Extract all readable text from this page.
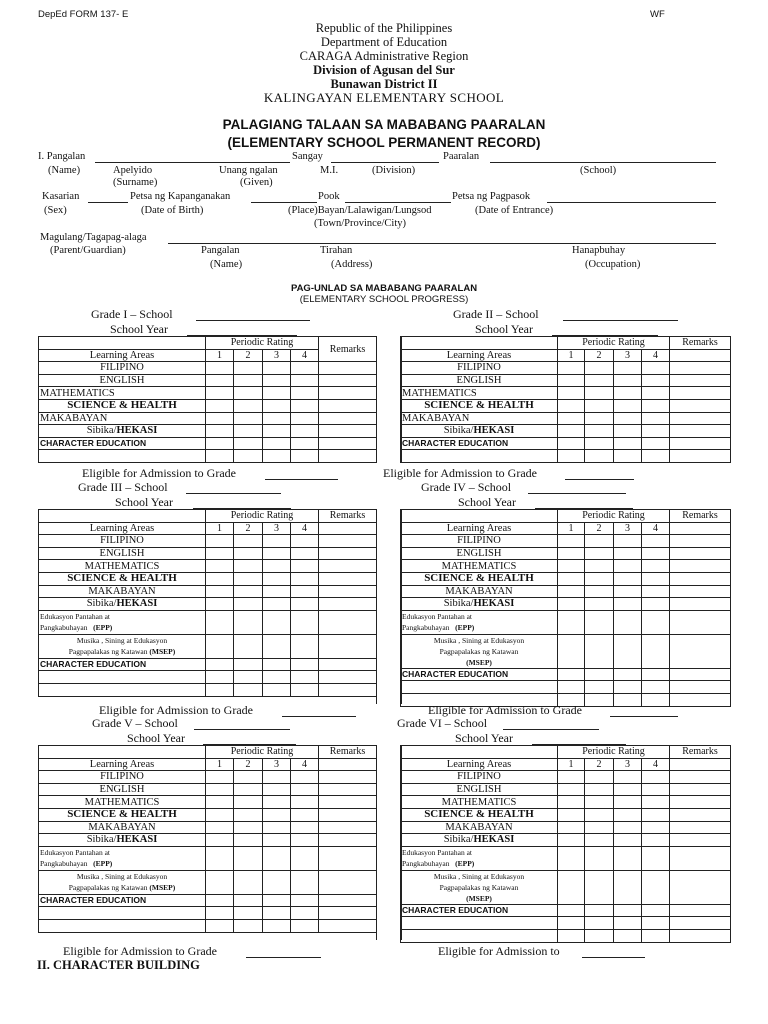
DepEd FORM 137- E	WF
Republic of the Philippines
Department of Education
CARAGA Administrative Region
Division of Agusan del Sur
Bunawan District II
KALINGAYAN ELEMENTARY SCHOOL
PALAGIANG TALAAN SA MABABANG PAARALAN
(ELEMENTARY SCHOOL PERMANENT RECORD)
I. Pangalan	Sangay	Paaralan
(Name)	Apelyido	Unang ngalan	M.I.	(Division)	(School)
(Surname)	(Given)
Kasarian	Petsa ng Kapanganakan	Pook	Petsa ng Pagpasok
(Sex)	(Date of Birth)	(Place)Bayan/Lalawigan/Lungsod	(Date of Entrance)
(Town/Province/City)
Magulang/Tagapag-alaga
(Parent/Guardian)	Pangalan	Tirahan	Hanapbuhay
(Name)	(Address)	(Occupation)
PAG-UNLAD SA MABABANG PAARALAN
(ELEMENTARY SCHOOL PROGRESS)
Grade I – School
School Year
Grade II – School
School Year
	Periodic Rating				Remarks
Learning Areas	1	2	3	4	
FILIPINO					
ENGLISH					
MATHEMATICS					
SCIENCE & HEALTH					
MAKABAYAN					
Sibika/HEKASI					
CHARACTER EDUCATION					

	Periodic Rating				Remarks
Learning Areas	1	2	3	4	
FILIPINO					
ENGLISH					
MATHEMATICS					
SCIENCE & HEALTH					
MAKABAYAN					
Sibika/HEKASI					
CHARACTER EDUCATION					

Eligible for Admission to Grade	Eligible for Admission to Grade
Grade III – School
School Year
Grade IV – School
School Year
	Periodic Rating				Remarks
Learning Areas	1	2	3	4	
FILIPINO					
ENGLISH					
MATHEMATICS					
SCIENCE & HEALTH					
MAKABAYAN					
Sibika/HEKASI					
Edukasyon Pantahan at
Pangkabuhayan (EPP)					
Musika , Sining at Edukasyon
Pagpapalakas ng Katawan (MSEP)					
CHARACTER EDUCATION					

	Periodic Rating				Remarks
Learning Areas	1	2	3	4	
FILIPINO					
ENGLISH					
MATHEMATICS					
SCIENCE & HEALTH					
MAKABAYAN					
Sibika/HEKASI					
Edukasyon Pantahan at
Pangkabuhayan (EPP)					
Musika , Sining at Edukasyon
Pagpapalakas ng Katawan
(MSEP)					
CHARACTER EDUCATION					

Eligible for Admission to Grade	Eligible for Admission to Grade
Grade V – School
School Year
Grade VI – School
School Year
	Periodic Rating				Remarks
Learning Areas	1	2	3	4	
FILIPINO					
ENGLISH					
MATHEMATICS					
SCIENCE & HEALTH					
MAKABAYAN					
Sibika/HEKASI					
Edukasyon Pantahan at
Pangkabuhayan (EPP)					
Musika , Sining at Edukasyon
Pagpapalakas ng Katawan (MSEP)					
CHARACTER EDUCATION					

	Periodic Rating				Remarks
Learning Areas	1	2	3	4	
FILIPINO					
ENGLISH					
MATHEMATICS					
SCIENCE & HEALTH					
MAKABAYAN					
Sibika/HEKASI					
Edukasyon Pantahan at
Pangkabuhayan (EPP)					
Musika , Sining at Edukasyon
Pagpapalakas ng Katawan
(MSEP)					
CHARACTER EDUCATION					

Eligible for Admission to Grade	Eligible for Admission to
II. CHARACTER BUILDING
